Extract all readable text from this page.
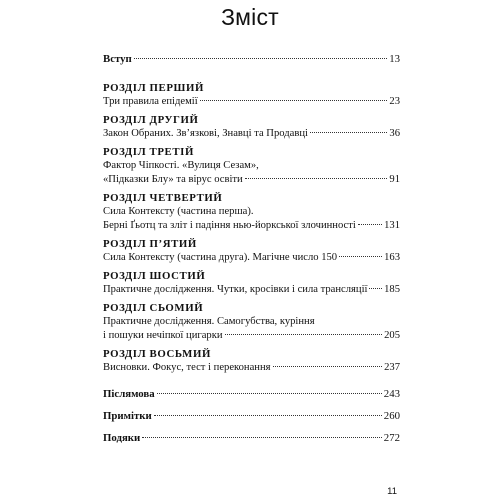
Зміст
Вступ	13
РОЗДІЛ ПЕРШИЙ
Три правила епідемії	23
РОЗДІЛ ДРУГИЙ
Закон Обраних. Зв’язкові, Знавці та Продавці	36
РОЗДІЛ ТРЕТІЙ
Фактор Чіпкості. «Вулиця Сезам»,
«Підказки Блу» та вірус освіти	91
РОЗДІЛ ЧЕТВЕРТИЙ
Сила Контексту (частина перша).
Берні Ґьотц та зліт і падіння нью-йоркської злочинності	131
РОЗДІЛ П’ЯТИЙ
Сила Контексту (частина друга). Магічне число 150	163
РОЗДІЛ ШОСТИЙ
Практичне дослідження. Чутки, кросівки і сила трансляції 185
РОЗДІЛ СЬОМИЙ
Практичне дослідження. Самогубства, куріння
і пошуки нечіпкої цигарки	205
РОЗДІЛ ВОСЬМИЙ
Висновки. Фокус, тест і переконання	237
Післямова	243
Примітки	260
Подяки	272
11
